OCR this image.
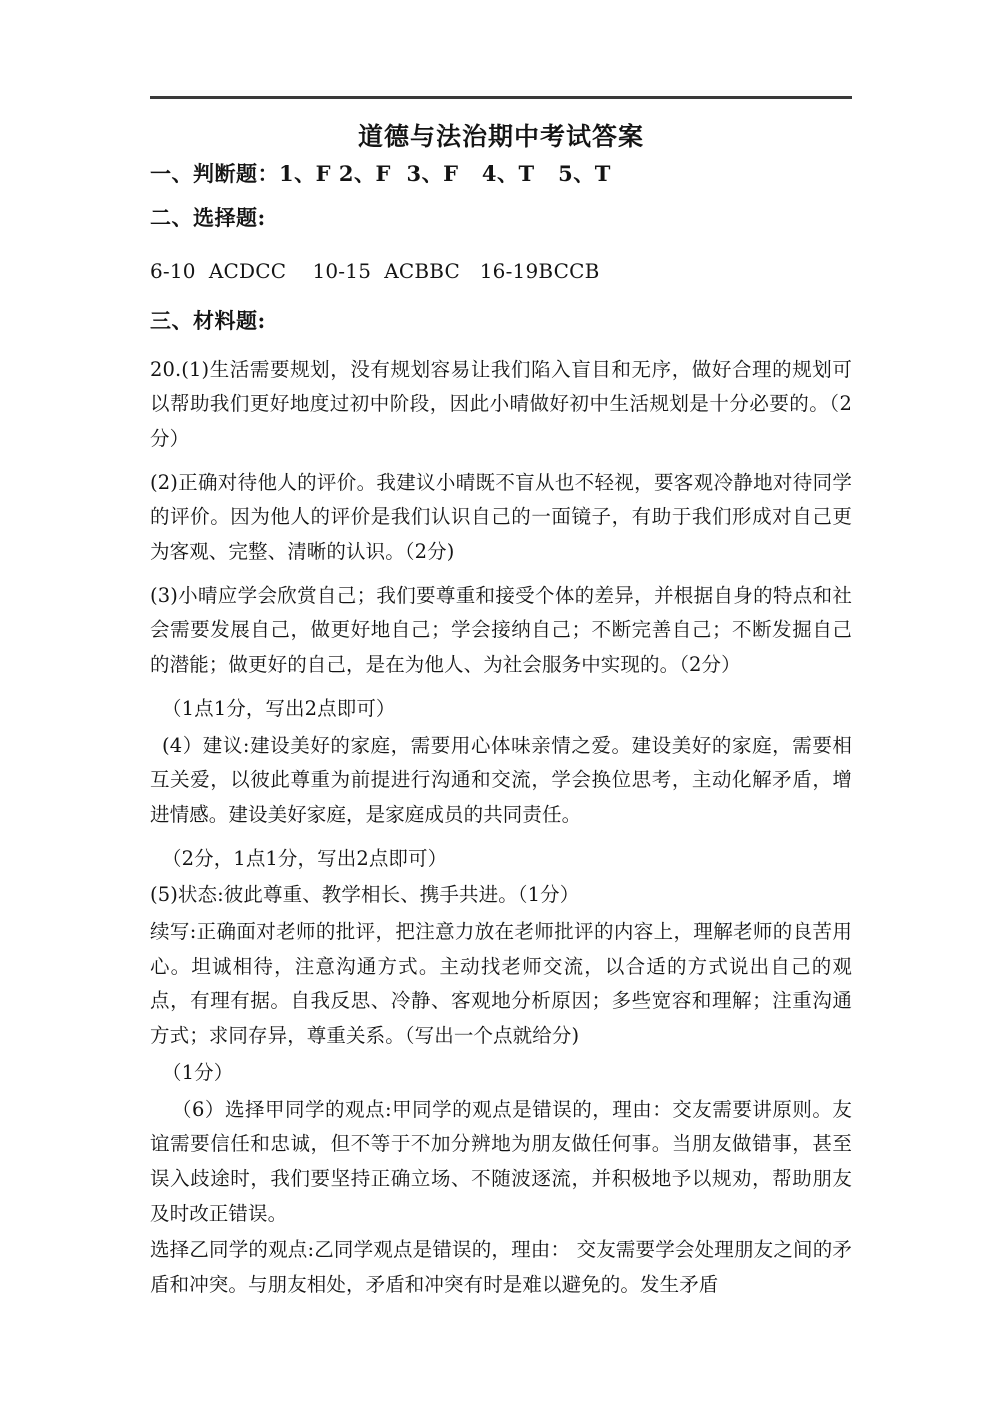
道德与法治期中考试答案
一、判断题：1、F 2、F  3、F   4、T   5、T
二、选择题:
6-10  ACDCC    10-15  ACBBC   16-19BCCB
三、材料题:

20.(1)生活需要规划，没有规划容易让我们陷入盲目和无序，做好合理的规划可以帮助我们更好地度过初中阶段，因此小晴做好初中生活规划是十分必要的。（2分）

(2)正确对待他人的评价。我建议小晴既不盲从也不轻视，要客观冷静地对待同学的评价。因为他人的评价是我们认识自己的一面镜子，有助于我们形成对自己更为客观、完整、清晰的认识。（2分)

(3)小晴应学会欣赏自己；我们要尊重和接受个体的差异，并根据自身的特点和社会需要发展自己，做更好地自己；学会接纳自己；不断完善自己；不断发掘自己的潜能；做更好的自己，是在为他人、为社会服务中实现的。（2分）

（1点1分，写出2点即可）

(4）建议:建设美好的家庭，需要用心体味亲情之爱。建设美好的家庭，需要相互关爱，以彼此尊重为前提进行沟通和交流，学会换位思考，主动化解矛盾，增进情感。建设美好家庭，是家庭成员的共同责任。

（2分，1点1分，写出2点即可）

(5)状态:彼此尊重、教学相长、携手共进。（1分）

续写:正确面对老师的批评，把注意力放在老师批评的内容上，理解老师的良苦用心。坦诚相待，注意沟通方式。主动找老师交流，以合适的方式说出自己的观点，有理有据。自我反思、冷静、客观地分析原因；多些宽容和理解；注重沟通方式；求同存异，尊重关系。（写出一个点就给分)

（1分）

（6）选择甲同学的观点:甲同学的观点是错误的，理由：交友需要讲原则。友谊需要信任和忠诚，但不等于不加分辨地为朋友做任何事。当朋友做错事，甚至误入歧途时，我们要坚持正确立场、不随波逐流，并积极地予以规劝，帮助朋友及时改正错误。

选择乙同学的观点:乙同学观点是错误的，理由： 交友需要学会处理朋友之间的矛盾和冲突。与朋友相处，矛盾和冲突有时是难以避免的。发生矛盾
